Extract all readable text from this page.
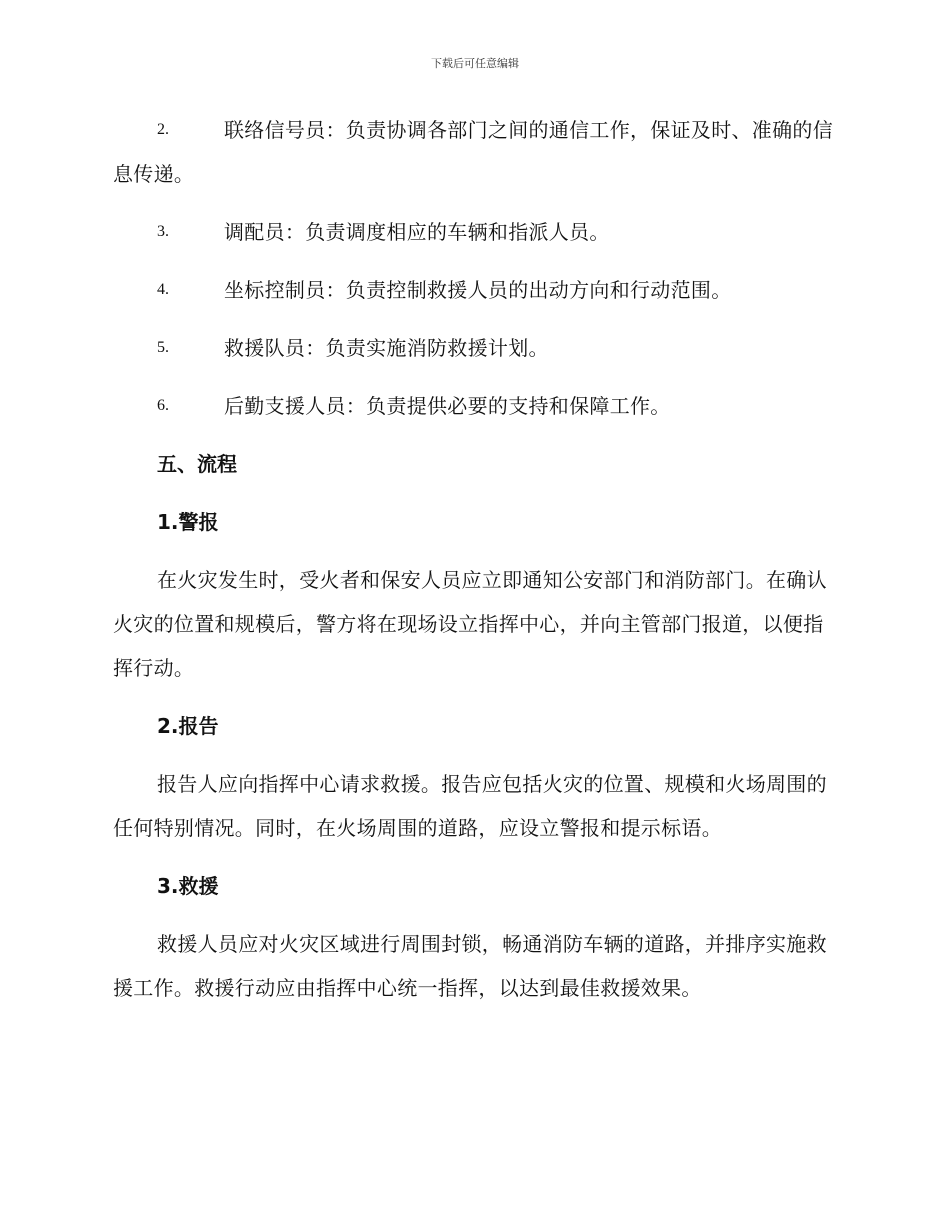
下载后可任意编辑
2.	联络信号员：负责协调各部门之间的通信工作，保证及时、准确的信息传递。
3.	调配员：负责调度相应的车辆和指派人员。
4.	坐标控制员：负责控制救援人员的出动方向和行动范围。
5.	救援队员：负责实施消防救援计划。
6.	后勤支援人员：负责提供必要的支持和保障工作。
五、流程
1.警报
在火灾发生时，受火者和保安人员应立即通知公安部门和消防部门。在确认火灾的位置和规模后，警方将在现场设立指挥中心，并向主管部门报道，以便指挥行动。
2.报告
报告人应向指挥中心请求救援。报告应包括火灾的位置、规模和火场周围的任何特别情况。同时，在火场周围的道路，应设立警报和提示标语。
3.救援
救援人员应对火灾区域进行周围封锁，畅通消防车辆的道路，并排序实施救援工作。救援行动应由指挥中心统一指挥，以达到最佳救援效果。
